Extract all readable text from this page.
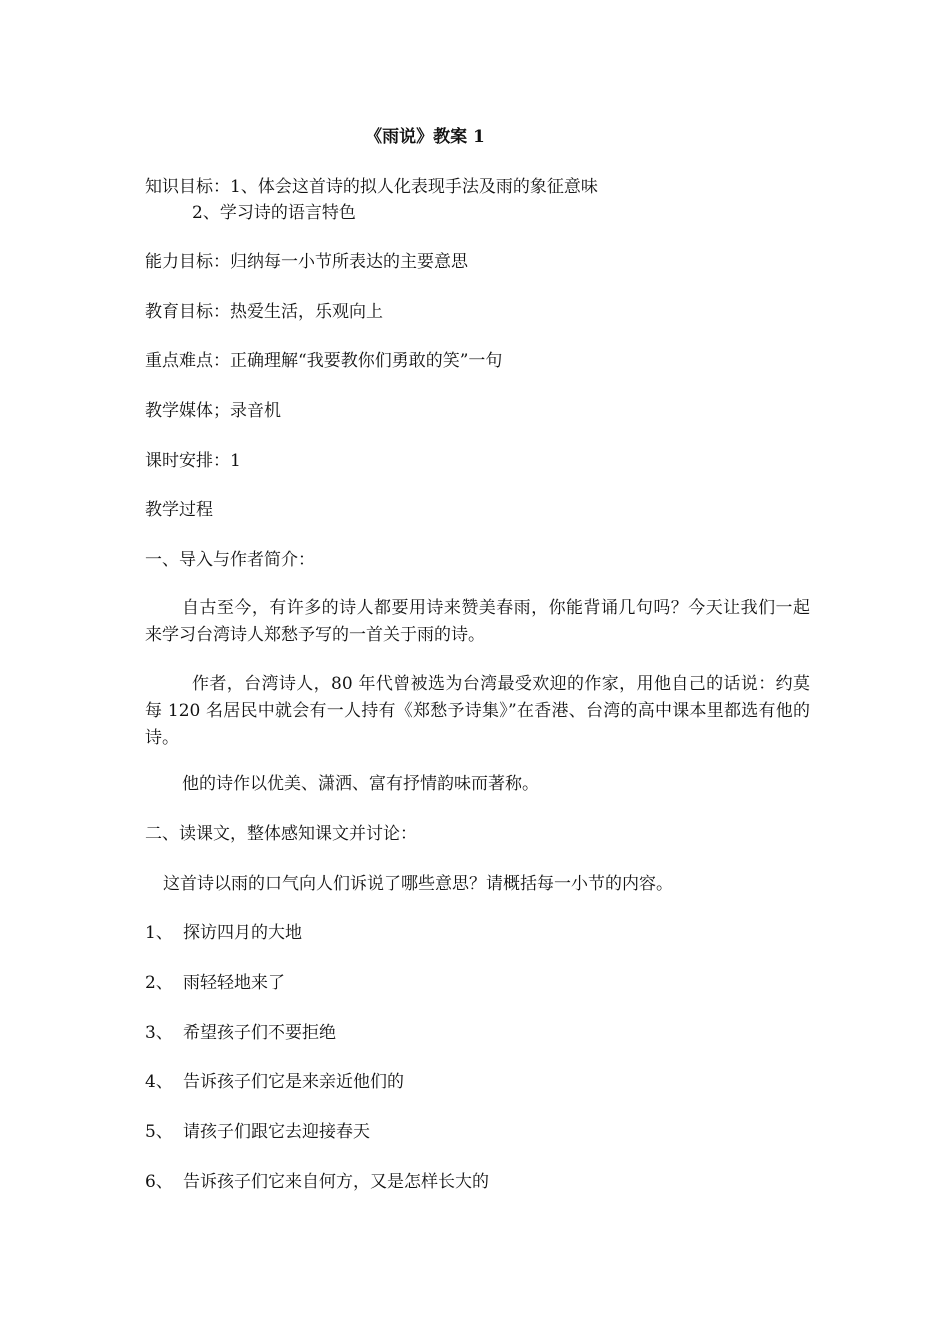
《雨说》教案 1
知识目标：1、体会这首诗的拟人化表现手法及雨的象征意味
2、学习诗的语言特色
能力目标：归纳每一小节所表达的主要意思
教育目标：热爱生活，乐观向上
重点难点：正确理解“我要教你们勇敢的笑”一句
教学媒体；录音机
课时安排：1
教学过程
一、导入与作者简介：
自古至今，有许多的诗人都要用诗来赞美春雨，你能背诵几句吗？今天让我们一起来学习台湾诗人郑愁予写的一首关于雨的诗。
作者，台湾诗人，80 年代曾被选为台湾最受欢迎的作家，用他自己的话说：约莫每 120 名居民中就会有一人持有《郑愁予诗集》”在香港、台湾的高中课本里都选有他的诗。
他的诗作以优美、潇洒、富有抒情韵味而著称。
二、读课文，整体感知课文并讨论：
这首诗以雨的口气向人们诉说了哪些意思？请概括每一小节的内容。
1、 探访四月的大地
2、 雨轻轻地来了
3、 希望孩子们不要拒绝
4、 告诉孩子们它是来亲近他们的
5、 请孩子们跟它去迎接春天
6、 告诉孩子们它来自何方，又是怎样长大的
